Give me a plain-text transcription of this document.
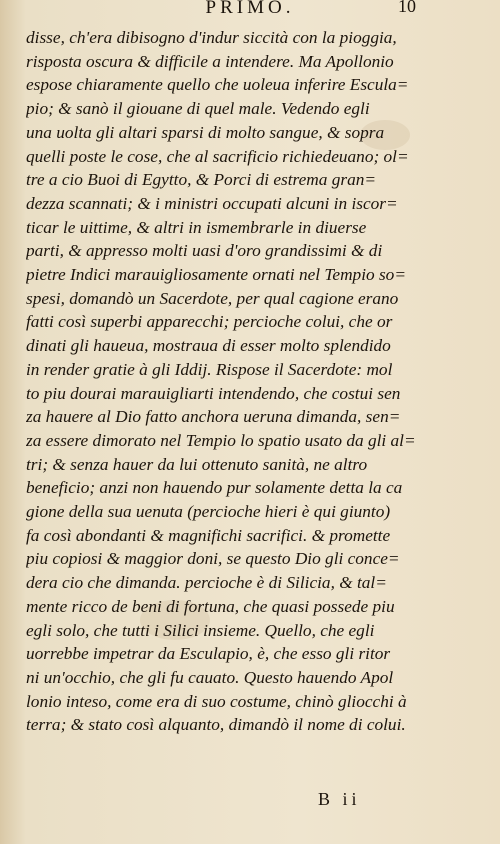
PRIMO.	10
disse, ch'era dibisogno d'indur siccità con la pioggia,
risposta oscura & difficile a intendere. Ma Apollonio
espose chiaramente quello che uoleua inferire Escula=
pio; & sanò il giouane di quel male. Vedendo egli
una uolta gli altari sparsi di molto sangue, & sopra
quelli poste le cose, che al sacrificio richiedeuano; ol=
tre a cio Buoi di Egytto, & Porci di estrema gran=
dezza scannati; & i ministri occupati alcuni in iscor=
ticar le uittime, & altri in ismembrarle in diuerse
parti, & appresso molti uasi d'oro grandissimi & di
pietre Indici marauigliosamente ornati nel Tempio so=
spesi, domandò un Sacerdote, per qual cagione erano
fatti così superbi apparecchi; percioche colui, che or
dinati gli haueua, mostraua di esser molto splendido
in render gratie à gli Iddij. Rispose il Sacerdote: mol
to piu dourai marauigliarti intendendo, che costui sen
za hauere al Dio fatto anchora ueruna dimanda, sen=
za essere dimorato nel Tempio lo spatio usato da gli al=
tri; & senza hauer da lui ottenuto sanità, ne altro
beneficio; anzi non hauendo pur solamente detta la ca
gione della sua uenuta (percioche hieri è qui giunto)
fa così abondanti & magnifichi sacrifici. & promette
piu copiosi & maggior doni, se questo Dio gli conce=
dera cio che dimanda. percioche è di Silicia, & tal=
mente ricco de beni di fortuna, che quasi possede piu
egli solo, che tutti i Silici insieme. Quello, che egli
uorrebbe impetrar da Esculapio, è, che esso gli ritor
ni un'occhio, che gli fu cauato. Questo hauendo Apol
lonio inteso, come era di suo costume, chinò gliocchi à
terra; & stato così alquanto, dimandò il nome di colui.
B ii
